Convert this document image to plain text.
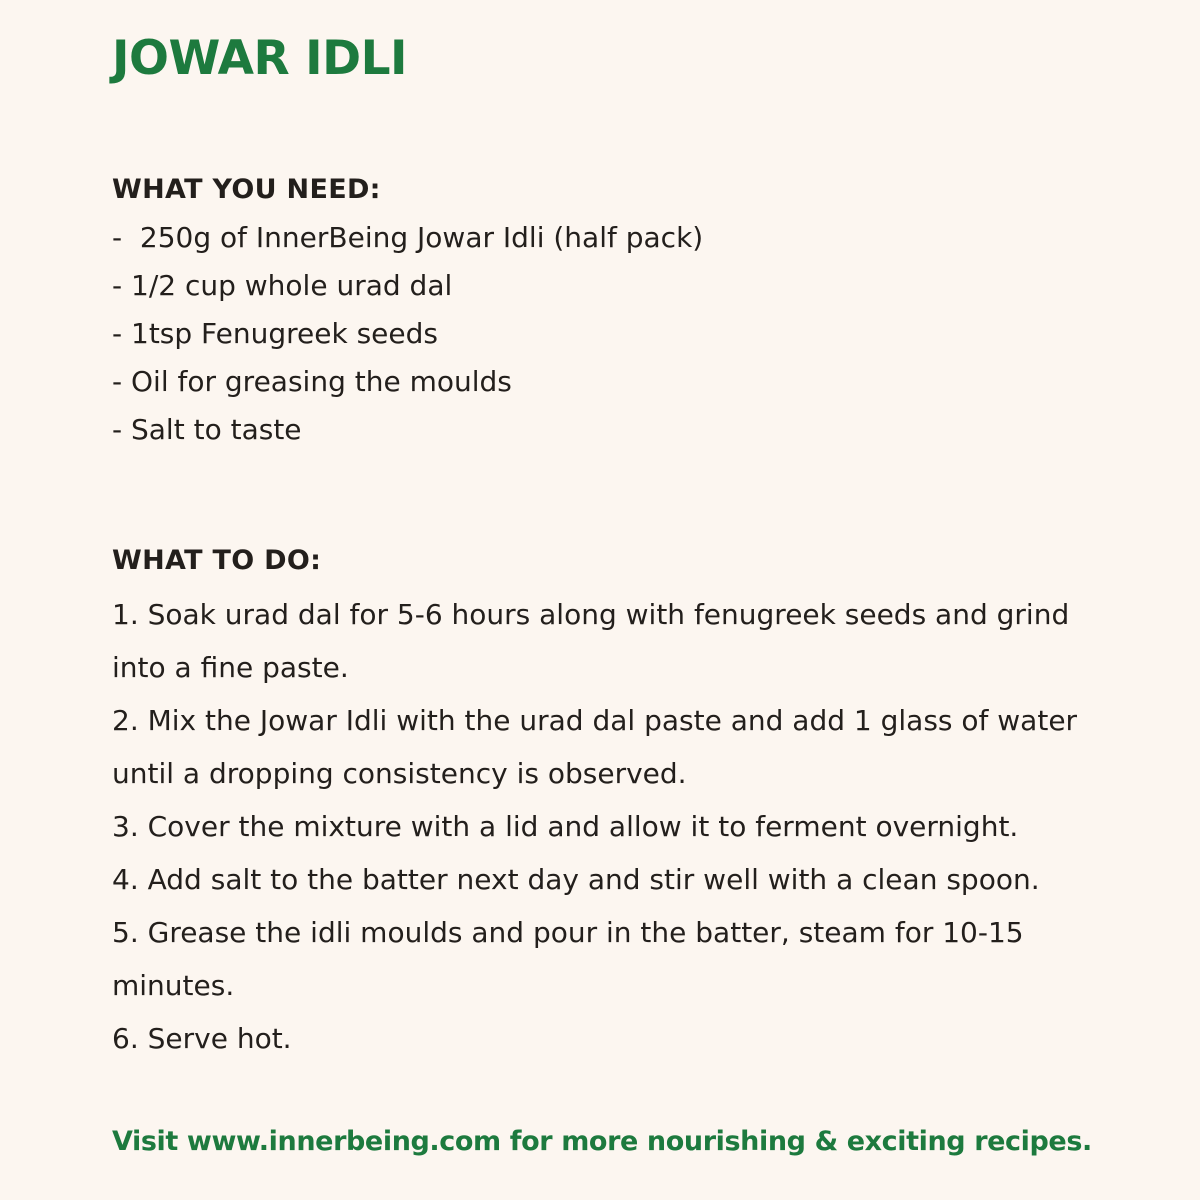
JOWAR IDLI
WHAT YOU NEED:
-  250g of InnerBeing Jowar Idli (half pack)
- 1/2 cup whole urad dal
- 1tsp Fenugreek seeds
- Oil for greasing the moulds
- Salt to taste
WHAT TO DO:
1. Soak urad dal for 5-6 hours along with fenugreek seeds and grind into a fine paste.
2. Mix the Jowar Idli with the urad dal paste and add 1 glass of water until a dropping consistency is observed.
3. Cover the mixture with a lid and allow it to ferment overnight.
4. Add salt to the batter next day and stir well with a clean spoon.
5. Grease the idli moulds and pour in the batter, steam for 10-15 minutes.
6. Serve hot.

Visit www.innerbeing.com for more nourishing & exciting recipes.
